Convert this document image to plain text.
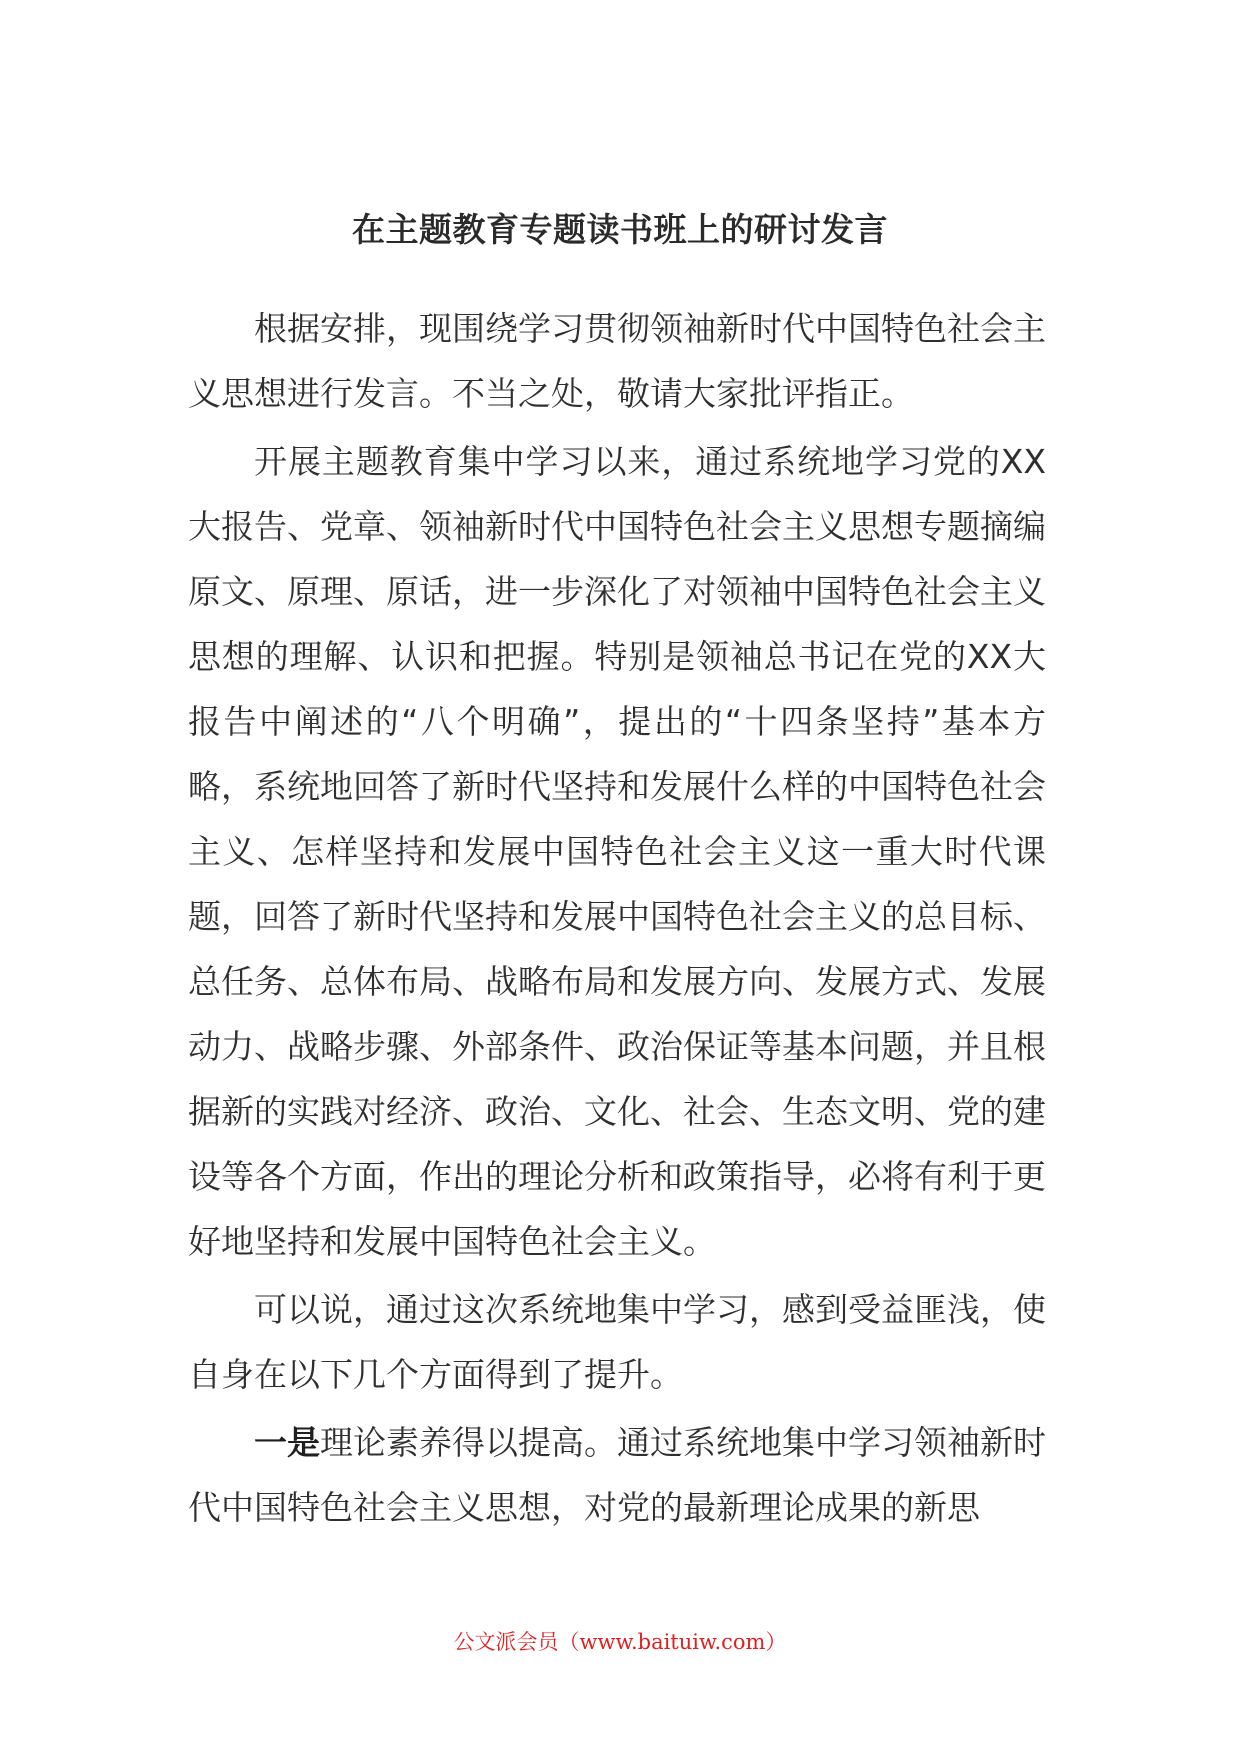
在主题教育专题读书班上的研讨发言

根据安排，现围绕学习贯彻领袖新时代中国特色社会主义思想进行发言。不当之处，敬请大家批评指正。

开展主题教育集中学习以来，通过系统地学习党的XX大报告、党章、领袖新时代中国特色社会主义思想专题摘编原文、原理、原话，进一步深化了对领袖中国特色社会主义思想的理解、认识和把握。特别是领袖总书记在党的XX大报告中阐述的“八个明确”，提出的“十四条坚持”基本方略，系统地回答了新时代坚持和发展什么样的中国特色社会主义、怎样坚持和发展中国特色社会主义这一重大时代课题，回答了新时代坚持和发展中国特色社会主义的总目标、总任务、总体布局、战略布局和发展方向、发展方式、发展动力、战略步骤、外部条件、政治保证等基本问题，并且根据新的实践对经济、政治、文化、社会、生态文明、党的建设等各个方面，作出的理论分析和政策指导，必将有利于更好地坚持和发展中国特色社会主义。

可以说，通过这次系统地集中学习，感到受益匪浅，使自身在以下几个方面得到了提升。

一是理论素养得以提高。通过系统地集中学习领袖新时代中国特色社会主义思想，对党的最新理论成果的新思

公文派会员（www.baituiw.com）
